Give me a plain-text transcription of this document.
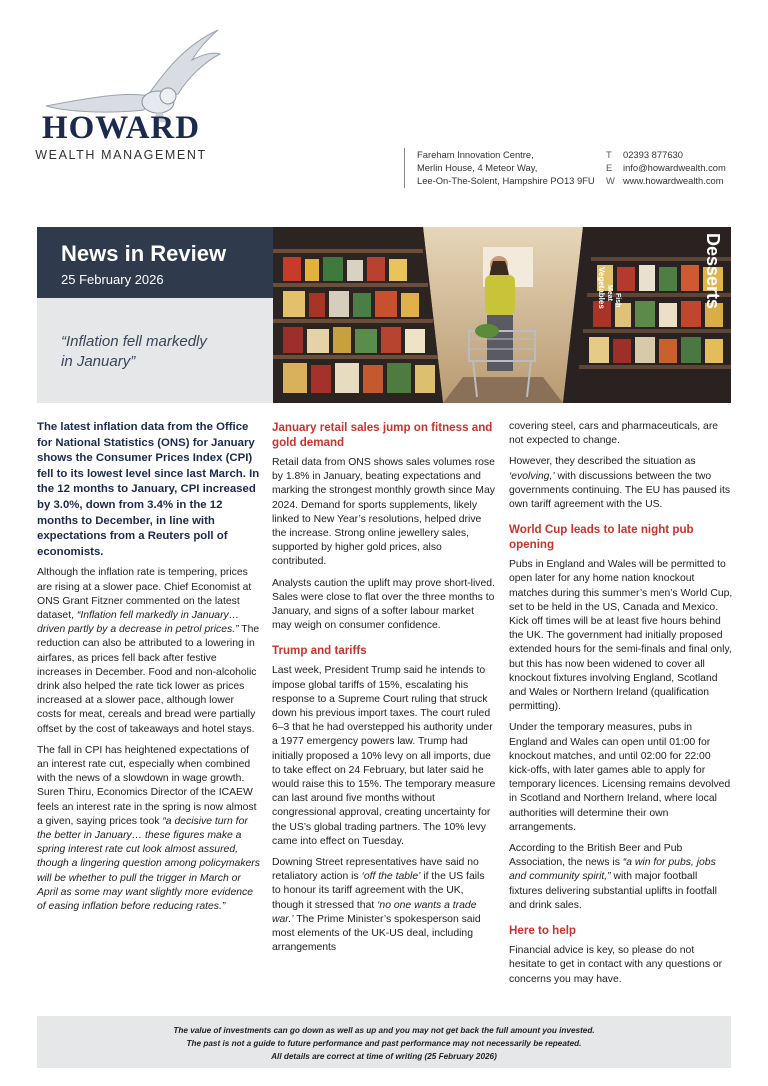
HOWARD
WEALTH MANAGEMENT	Fareham Innovation Centre,
Merlin House, 4 Meteor Way,
Lee-On-The-Solent, Hampshire PO13 9FU
T 02393 877630
E info@howardwealth.com
W www.howardwealth.com
News in Review
25 February 2026
“Inflation fell markedly
in January”
Desserts
Vegetables Meat Fish

The latest inflation data from the Office for National Statistics (ONS) for January shows the Consumer Prices Index (CPI) fell to its lowest level since last March. In the 12 months to January, CPI increased by 3.0%, down from 3.4% in the 12 months to December, in line with expectations from a Reuters poll of economists.

Although the inflation rate is tempering, prices are rising at a slower pace. Chief Economist at ONS Grant Fitzner commented on the latest dataset, “Inflation fell markedly in January… driven partly by a decrease in petrol prices.” The reduction can also be attributed to a lowering in airfares, as prices fell back after festive increases in December. Food and non-alcoholic drink also helped the rate tick lower as prices increased at a slower pace, although lower costs for meat, cereals and bread were partially offset by the cost of takeaways and hotel stays.

The fall in CPI has heightened expectations of an interest rate cut, especially when combined with the news of a slowdown in wage growth. Suren Thiru, Economics Director of the ICAEW feels an interest rate in the spring is now almost a given, saying prices took “a decisive turn for the better in January… these figures make a spring interest rate cut look almost assured, though a lingering question among policymakers will be whether to pull the trigger in March or April as some may want slightly more evidence of easing inflation before reducing rates.”

January retail sales jump on fitness and gold demand

Retail data from ONS shows sales volumes rose by 1.8% in January, beating expectations and marking the strongest monthly growth since May 2024. Demand for sports supplements, likely linked to New Year’s resolutions, helped drive the increase. Strong online jewellery sales, supported by higher gold prices, also contributed.

Analysts caution the uplift may prove short-lived. Sales were close to flat over the three months to January, and signs of a softer labour market may weigh on consumer confidence.

Trump and tariffs

Last week, President Trump said he intends to impose global tariffs of 15%, escalating his response to a Supreme Court ruling that struck down his previous import taxes. The court ruled 6–3 that he had overstepped his authority under a 1977 emergency powers law. Trump had initially proposed a 10% levy on all imports, due to take effect on 24 February, but later said he would raise this to 15%. The temporary measure can last around five months without congressional approval, creating uncertainty for the US’s global trading partners. The 10% levy came into effect on Tuesday.

Downing Street representatives have said no retaliatory action is ‘off the table’ if the US fails to honour its tariff agreement with the UK, though it stressed that ‘no one wants a trade war.’ The Prime Minister’s spokesperson said most elements of the UK-US deal, including arrangements

covering steel, cars and pharmaceuticals, are not expected to change.

However, they described the situation as ‘evolving,’ with discussions between the two governments continuing. The EU has paused its own tariff agreement with the US.

World Cup leads to late night pub opening

Pubs in England and Wales will be permitted to open later for any home nation knockout matches during this summer’s men’s World Cup, set to be held in the US, Canada and Mexico. Kick off times will be at least five hours behind the UK. The government had initially proposed extended hours for the semi-finals and final only, but this has now been widened to cover all knockout fixtures involving England, Scotland and Wales or Northern Ireland (qualification permitting).

Under the temporary measures, pubs in England and Wales can open until 01:00 for knockout matches, and until 02:00 for 22:00 kick-offs, with later games able to apply for temporary licences. Licensing remains devolved in Scotland and Northern Ireland, where local authorities will determine their own arrangements.

According to the British Beer and Pub Association, the news is “a win for pubs, jobs and community spirit,” with major football fixtures delivering substantial uplifts in footfall and drink sales.

Here to help

Financial advice is key, so please do not hesitate to get in contact with any questions or concerns you may have.

The value of investments can go down as well as up and you may not get back the full amount you invested.
The past is not a guide to future performance and past performance may not necessarily be repeated.
All details are correct at time of writing (25 February 2026)
